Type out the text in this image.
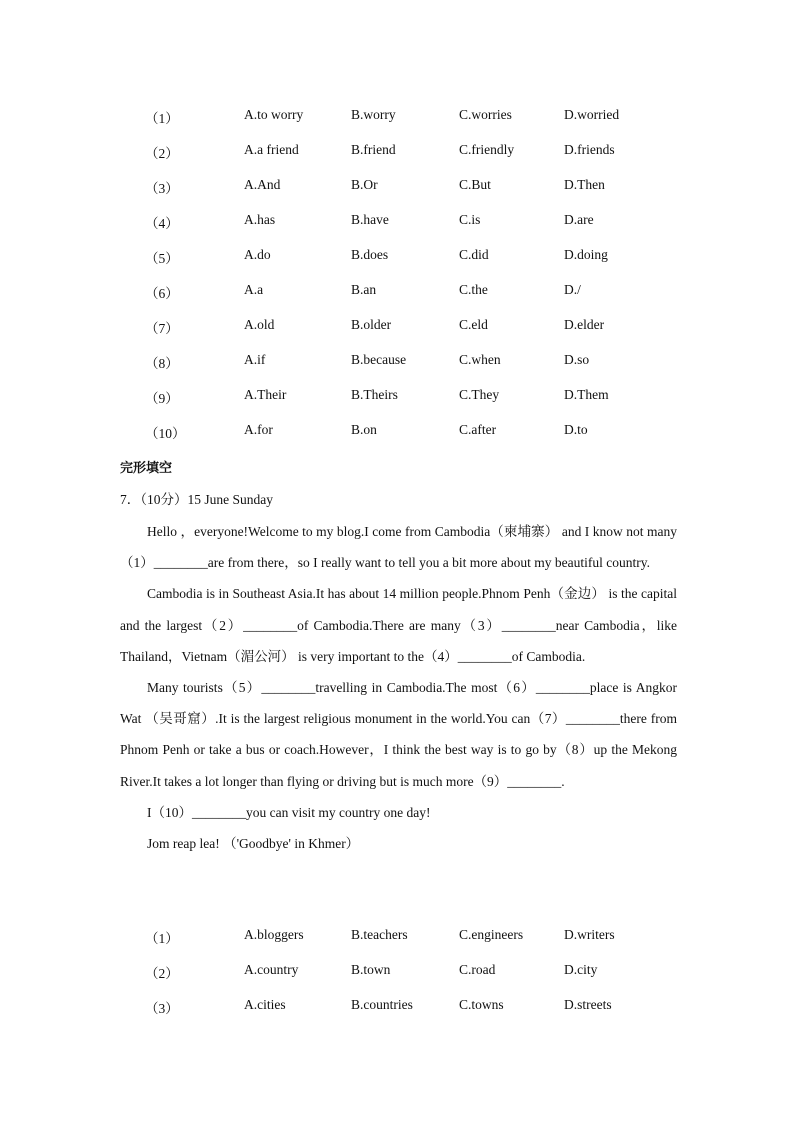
（1）	A.to worry	B.worry	C.worries	D.worried
（2）	A.a friend	B.friend	C.friendly	D.friends
（3）	A.And	B.Or	C.But	D.Then
（4）	A.has	B.have	C.is	D.are
（5）	A.do	B.does	C.did	D.doing
（6）	A.a	B.an	C.the	D./
（7）	A.old	B.older	C.eld	D.elder
（8）	A.if	B.because	C.when	D.so
（9）	A.Their	B.Theirs	C.They	D.Them
（10）	A.for	B.on	C.after	D.to
完形填空
7．（10分）15 June Sunday

Hello ，everyone!Welcome to my blog.I come from Cambodia（柬埔寨） and I know not many（1）________are from there，so I really want to tell you a bit more about my beautiful country.

Cambodia is in Southeast Asia.It has about 14 million people.Phnom Penh（金边） is the capital and the largest（2）________of Cambodia.There are many（3）________near Cambodia，like Thailand，Vietnam（湄公河） is very important to the（4）________of Cambodia.

Many tourists（5）________travelling in Cambodia.The most（6）________place is Angkor Wat （吴哥窟）.It is the largest religious monument in the world.You can（7）________there from Phnom Penh or take a bus or coach.However，I think the best way is to go by（8）up the Mekong River.It takes a lot longer than flying or driving but is much more（9）________.

I（10）________you can visit my country one day!

Jom reap lea! （'Goodbye' in Khmer）

（1）	A.bloggers	B.teachers	C.engineers	D.writers
（2）	A.country	B.town	C.road	D.city
（3）	A.cities	B.countries	C.towns	D.streets
